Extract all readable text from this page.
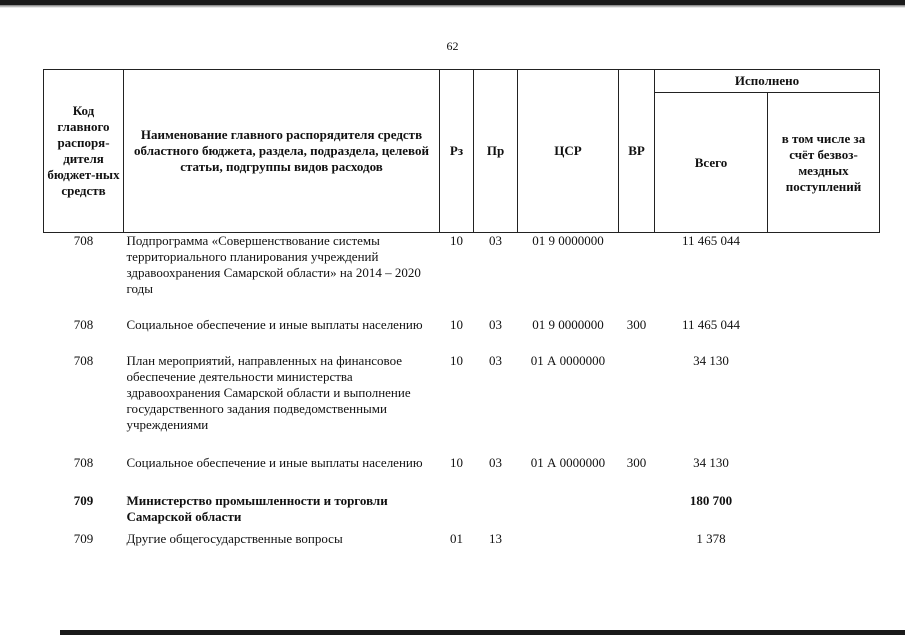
62
Код главного распоря-дителя бюджет-ных средств	Наименование главного распорядителя средств областного бюджета, раздела, подраздела, целевой статьи, подгруппы видов расходов	Рз	Пр	ЦСР	ВР	Исполнено	
						Всего	в том числе за счёт безвоз-мездных поступлений
708	Подпрограмма «Совершенствование системы территориального планирования учреждений здравоохранения Самарской области» на 2014 – 2020 годы	10	03	01 9 0000000		11 465 044	
708	Социальное обеспечение и иные выплаты населению	10	03	01 9 0000000	300	11 465 044	
708	План мероприятий, направленных на финансовое обеспечение деятельности министерства здравоохранения Самарской области и выполнение государственного задания подведомственными учреждениями	10	03	01 А 0000000		34 130	
708	Социальное обеспечение и иные выплаты населению	10	03	01 А 0000000	300	34 130	
709	Министерство промышленности и торговли Самарской области					180 700	
709	Другие общегосударственные вопросы	01	13			1 378	
